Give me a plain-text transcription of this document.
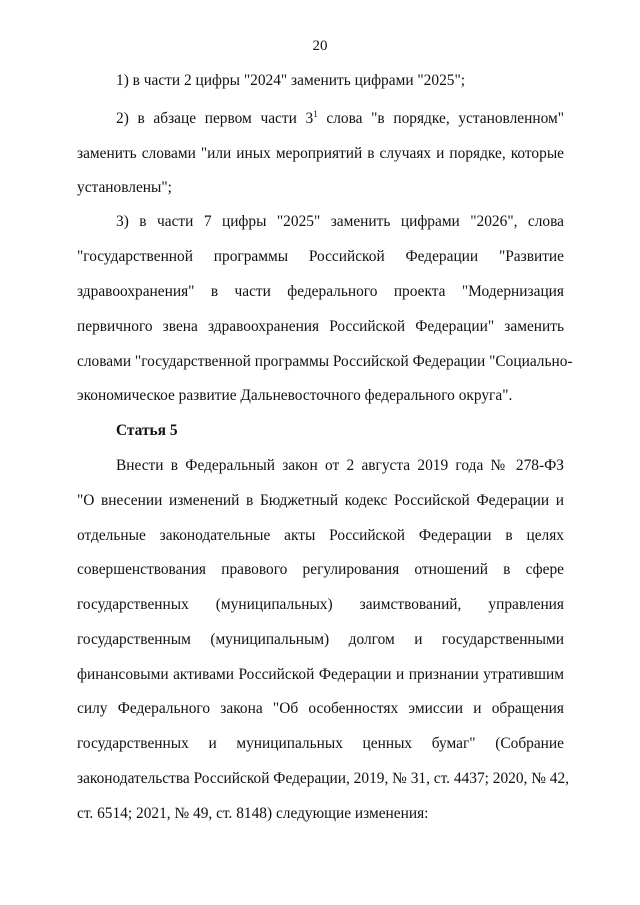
20
1) в части 2 цифры "2024" заменить цифрами "2025";
2) в абзаце первом части $3^1$ слова "в порядке, установленном"
заменить словами "или иных мероприятий в случаях и порядке, которые
установлены";
3) в части 7 цифры "2025" заменить цифрами "2026", слова
"государственной программы Российской Федерации "Развитие
здравоохранения" в части федерального проекта "Модернизация
первичного звена здравоохранения Российской Федерации" заменить
словами "государственной программы Российской Федерации "Социально-
экономическое развитие Дальневосточного федерального округа".
Статья 5
Внести в Федеральный закон от 2 августа 2019 года № 278-ФЗ
"О внесении изменений в Бюджетный кодекс Российской Федерации и
отдельные законодательные акты Российской Федерации в целях
совершенствования правового регулирования отношений в сфере
государственных (муниципальных) заимствований, управления
государственным (муниципальным) долгом и государственными
финансовыми активами Российской Федерации и признании утратившим
силу Федерального закона "Об особенностях эмиссии и обращения
государственных и муниципальных ценных бумаг" (Собрание
законодательства Российской Федерации, 2019, № 31, ст. 4437; 2020, № 42,
ст. 6514; 2021, № 49, ст. 8148) следующие изменения:
